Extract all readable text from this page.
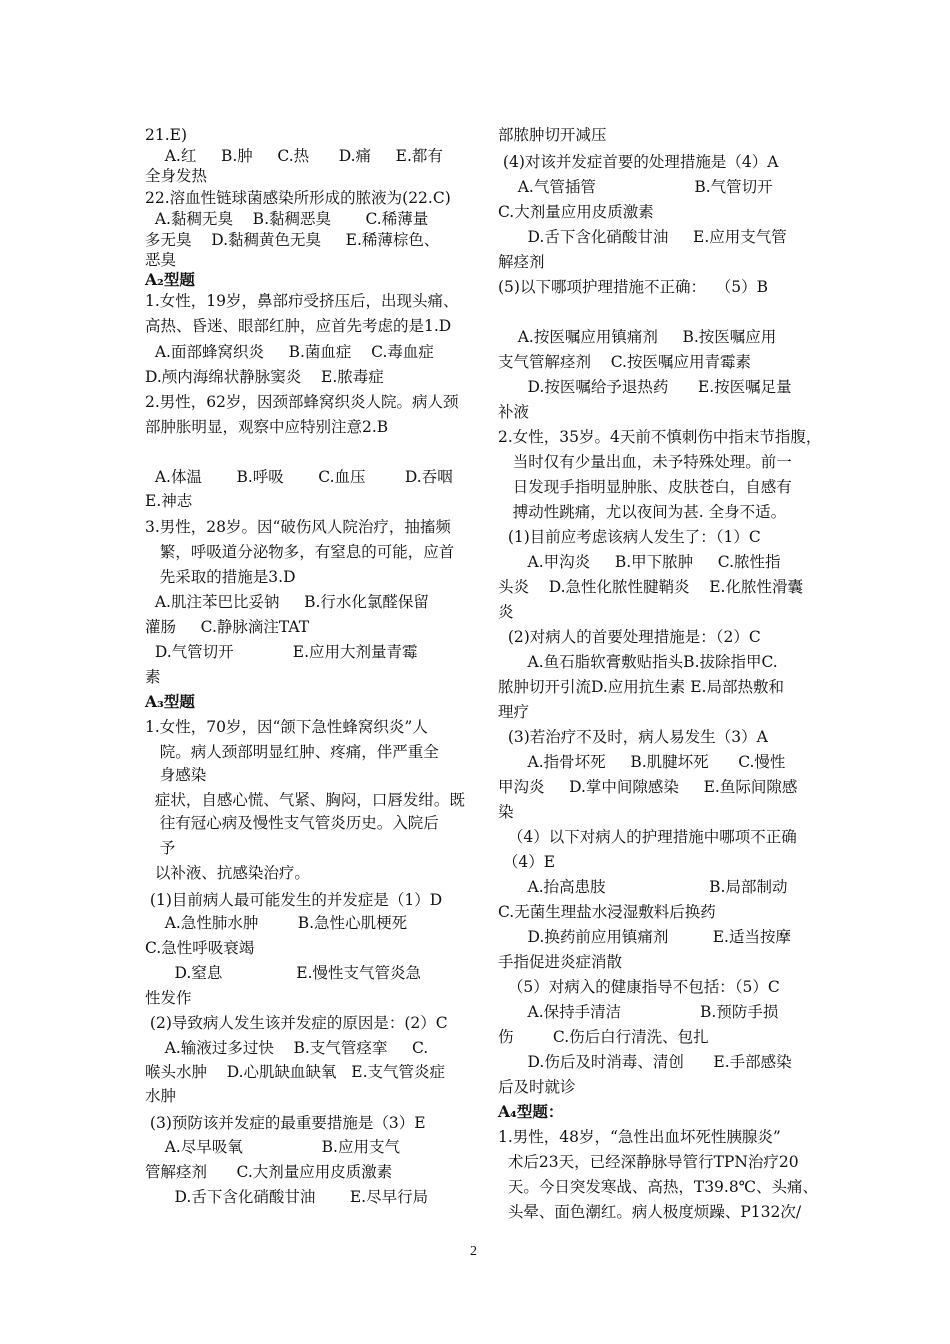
21.E)
A.红     B.肿     C.热      D.痛     E.都有
全身发热
22.溶血性链球菌感染所形成的脓液为(22.C)
A.黏稠无臭    B.黏稠恶臭       C.稀薄量
多无臭    D.黏稠黄色无臭     E.稀薄棕色、
恶臭
A₂型题
1.女性，19岁，鼻部疖受挤压后，出现头痛、
高热、昏迷、眼部红肿，应首先考虑的是1.D
A.面部蜂窝织炎     B.菌血症    C.毒血症
D.颅内海绵状静脉窦炎    E.脓毒症
2.男性，62岁，因颈部蜂窝织炎人院。病人颈
部肿胀明显，观察中应特别注意2.B
A.体温       B.呼吸       C.血压        D.吞咽
E.神志
3.男性，28岁。因“破伤风人院治疗，抽搐频
繁，呼吸道分泌物多，有窒息的可能，应首
先采取的措施是3.D
A.肌注苯巴比妥钠     B.行水化氯醛保留
灌肠     C.静脉滴注TAT
D.气管切开            E.应用大剂量青霉
素
A₃型题
1.女性，70岁，因“颌下急性蜂窝织炎”人
院。病人颈部明显红肿、疼痛，伴严重全
身感染
症状，自感心慌、气紧、胸闷，口唇发绀。既
往有冠心病及慢性支气管炎历史。入院后
予
以补液、抗感染治疗。
(1)目前病人最可能发生的并发症是（1）D
A.急性肺水肿        B.急性心肌梗死
C.急性呼吸衰竭
D.窒息               E.慢性支气管炎急
性发作
(2)导致病人发生该并发症的原因是：(2）C
A.输液过多过快    B.支气管痉挛     C.
喉头水肿    D.心肌缺血缺氧   E.支气管炎症
水肿
(3)预防该并发症的最重要措施是（3）E
A.尽早吸氧                B.应用支气
管解痉剂      C.大剂量应用皮质激素
D.舌下含化硝酸甘油       E.尽早行局
部脓肿切开减压
(4)对该并发症首要的处理措施是（4）A
A.气管插管                    B.气管切开
C.大剂量应用皮质激素
D.舌下含化硝酸甘油     E.应用支气管
解痉剂
(5)以下哪项护理措施不正确：  （5）B
A.按医嘱应用镇痛剂     B.按医嘱应用
支气管解痉剂    C.按医嘱应用青霉素
D.按医嘱给予退热药      E.按医嘱足量
补液
2.女性，35岁。4天前不慎刺伤中指末节指腹，
当时仅有少量出血，未予特殊处理。前一
日发现手指明显肿胀、皮肤苍白，自感有
搏动性跳痛，尤以夜间为甚. 全身不适。
(1)目前应考虑该病人发生了：（1）C
A.甲沟炎     B.甲下脓肿     C.脓性指
头炎    D.急性化脓性腱鞘炎    E.化脓性滑囊
炎
(2)对病人的首要处理措施是：（2）C
A.鱼石脂软膏敷贴指头B.拔除指甲C.
脓肿切开引流D.应用抗生素 E.局部热敷和
理疗
(3)若治疗不及时，病人易发生（3）A
A.指骨坏死     B.肌腱坏死      C.慢性
甲沟炎     D.掌中间隙感染     E.鱼际间隙感
染
（4）以下对病人的护理措施中哪项不正确
（4）E
A.抬高患肢                     B.局部制动
C.无菌生理盐水浸湿敷料后换药
D.换药前应用镇痛剂         E.适当按摩
手指促进炎症消散
（5）对病入的健康指导不包括：（5）C
A.保持手清洁                B.预防手损
伤        C.伤后白行清洗、包扎
D.伤后及时消毒、清创      E.手部感染
后及时就诊
A₄型题：
1.男性，48岁，“急性出血坏死性胰腺炎”
术后23天，已经深静脉导管行TPN治疗20
天。今日突发寒战、高热，T39.8℃、头痛、
头晕、面色潮红。病人极度烦躁、P132次/
2
